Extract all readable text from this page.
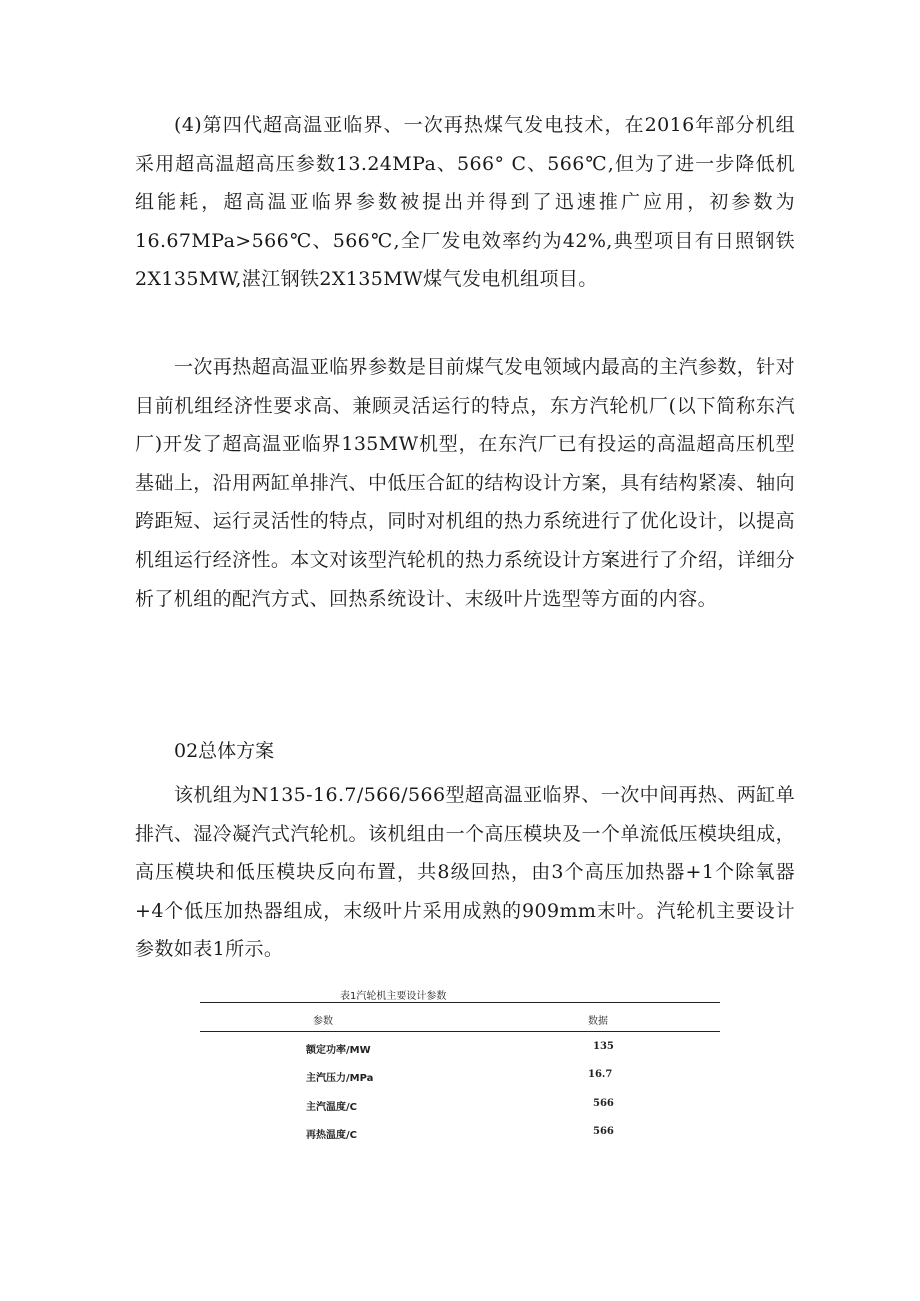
(4)第四代超高温亚临界、一次再热煤气发电技术，在2016年部分机组采用超高温超高压参数13.24MPa、566° C、566℃,但为了进一步降低机组能耗，超高温亚临界参数被提出并得到了迅速推广应用，初参数为16.67MPa>566℃、566℃,全厂发电效率约为42%,典型项目有日照钢铁2X135MW,湛江钢铁2X135MW煤气发电机组项目。

一次再热超高温亚临界参数是目前煤气发电领域内最高的主汽参数，针对目前机组经济性要求高、兼顾灵活运行的特点，东方汽轮机厂(以下简称东汽厂)开发了超高温亚临界135MW机型，在东汽厂已有投运的高温超高压机型基础上，沿用两缸单排汽、中低压合缸的结构设计方案，具有结构紧凑、轴向跨距短、运行灵活性的特点，同时对机组的热力系统进行了优化设计，以提高机组运行经济性。本文对该型汽轮机的热力系统设计方案进行了介绍，详细分析了机组的配汽方式、回热系统设计、末级叶片选型等方面的内容。

02总体方案

该机组为N135-16.7/566/566型超高温亚临界、一次中间再热、两缸单排汽、湿冷凝汽式汽轮机。该机组由一个高压模块及一个单流低压模块组成，高压模块和低压模块反向布置，共8级回热，由3个高压加热器+1个除氧器+4个低压加热器组成，末级叶片采用成熟的909mm末叶。汽轮机主要设计参数如表1所示。

表1汽轮机主要设计参数
参数	数据
额定功率/MW	135
主汽压力/MPa	16.7
主汽温度/C	566
再热温度/C	566
